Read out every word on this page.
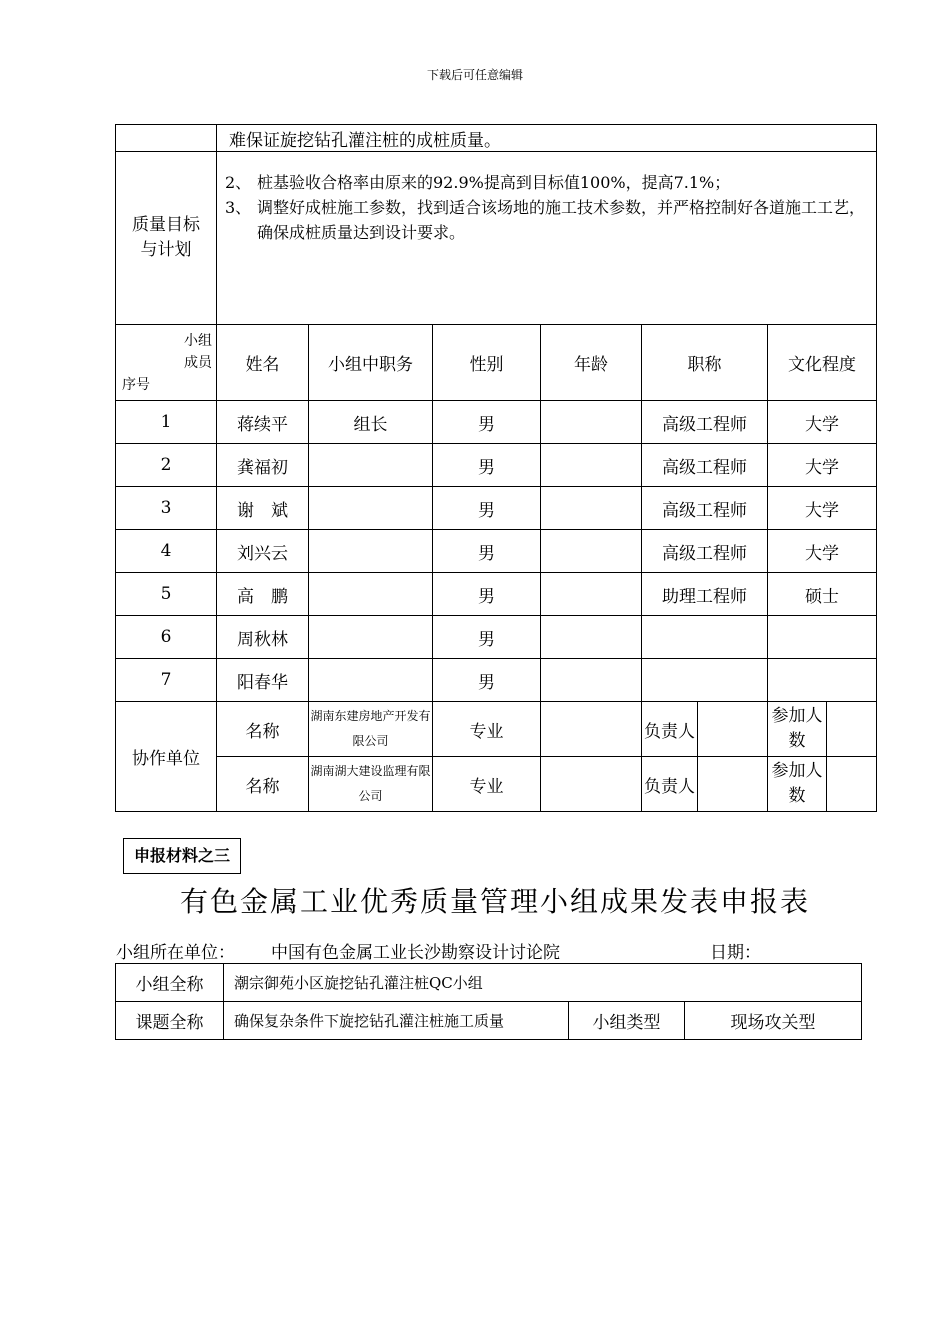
下载后可任意编辑
	难保证旋挖钻孔灌注桩的成桩质量。							

质量目标与计划	2、 桩基验收合格率由原来的92.9%提高到目标值100%，提高7.1%；
3、 调整好成桩施工参数，找到适合该场地的施工技术参数，并严格控制好各道施工工艺，确保成桩质量达到设计要求。							

小组
成员
序号	姓名	小组中职务	性别	年龄	职称		文化程度	
1	蒋续平	组长	男		高级工程师		大学	
2	龚福初		男		高级工程师		大学	
3	谢　斌		男		高级工程师		大学	
4	刘兴云		男		高级工程师		大学	
5	高　鹏		男		助理工程师		硕士	
6	周秋林		男					
7	阳春华		男					
协作单位	名称	湖南东建房地产开发有限公司	专业		负责人		参加人数	
	名称	湖南湖大建设监理有限公司	专业		负责人		参加人数	
申报材料之三
有色金属工业优秀质量管理小组成果发表申报表
小组所在单位： 中国有色金属工业长沙勘察设计讨论院	日期：
小组全称	潮宗御苑小区旋挖钻孔灌注桩QC小组		
课题全称	确保复杂条件下旋挖钻孔灌注桩施工质量	小组类型	现场攻关型
